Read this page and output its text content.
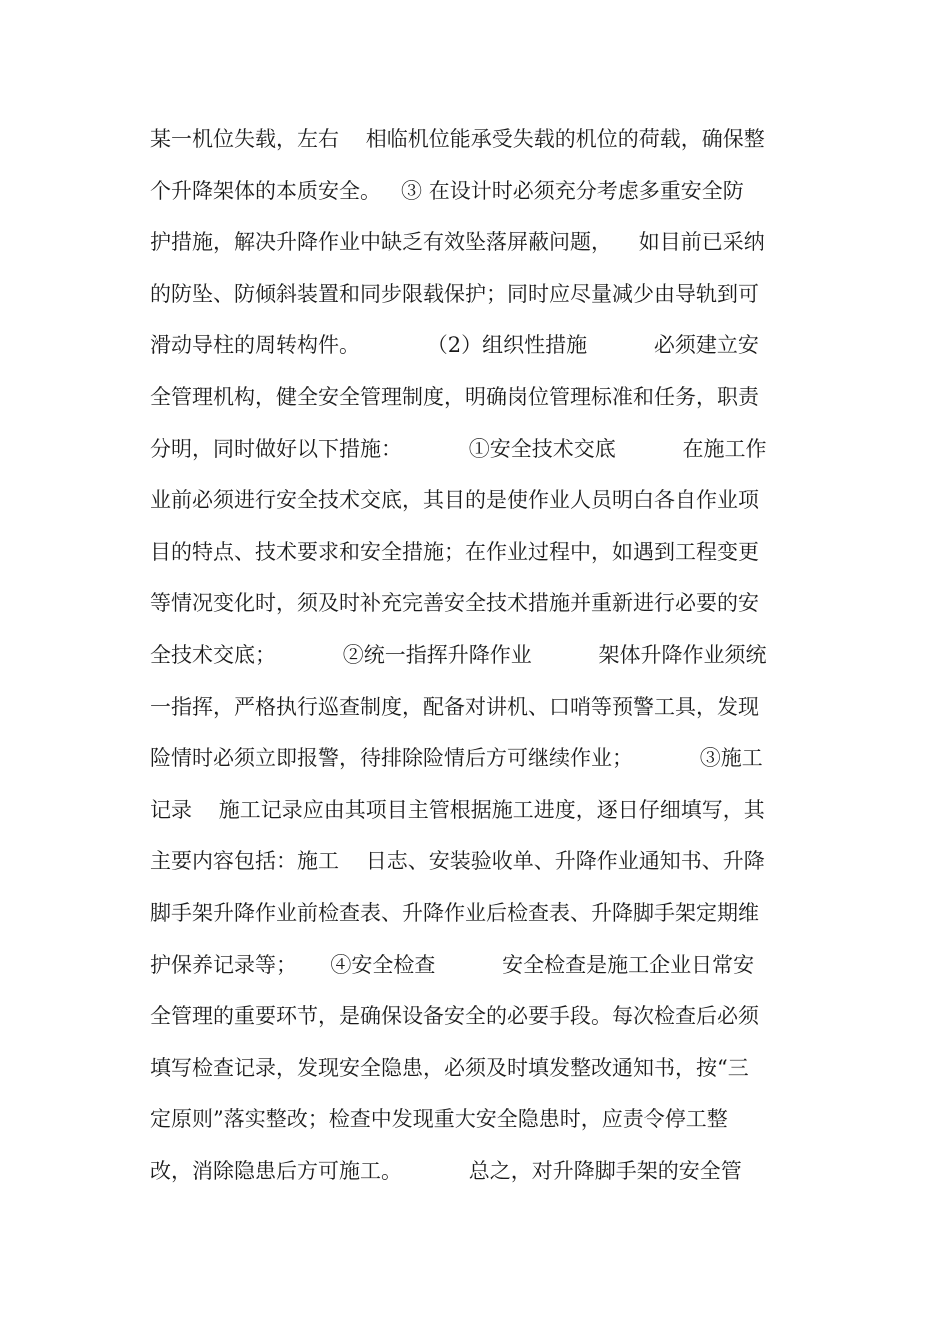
某一机位失载，左右    相临机位能承受失载的机位的荷载，确保整
个升降架体的本质安全。   ③ 在设计时必须充分考虑多重安全防
护措施，解决升降作业中缺乏有效坠落屏蔽问题，    如目前已采纳
的防坠、防倾斜装置和同步限载保护；同时应尽量减少由导轨到可
滑动导柱的周转构件。          （2）组织性措施          必须建立安
全管理机构，健全安全管理制度，明确岗位管理标准和任务，职责
分明，同时做好以下措施：          ①安全技术交底          在施工作
业前必须进行安全技术交底，其目的是使作业人员明白各自作业项
目的特点、技术要求和安全措施；在作业过程中，如遇到工程变更
等情况变化时，须及时补充完善安全技术措施并重新进行必要的安
全技术交底；          ②统一指挥升降作业          架体升降作业须统
一指挥，严格执行巡查制度，配备对讲机、口哨等预警工具，发现
险情时必须立即报警，待排除险情后方可继续作业；          ③施工
记录    施工记录应由其项目主管根据施工进度，逐日仔细填写，其
主要内容包括：施工    日志、安装验收单、升降作业通知书、升降
脚手架升降作业前检查表、升降作业后检查表、升降脚手架定期维
护保养记录等；     ④安全检查          安全检查是施工企业日常安
全管理的重要环节，是确保设备安全的必要手段。每次检查后必须
填写检查记录，发现安全隐患，必须及时填发整改通知书，按“三
定原则”落实整改；检查中发现重大安全隐患时，应责令停工整
改，消除隐患后方可施工。          总之，对升降脚手架的安全管
